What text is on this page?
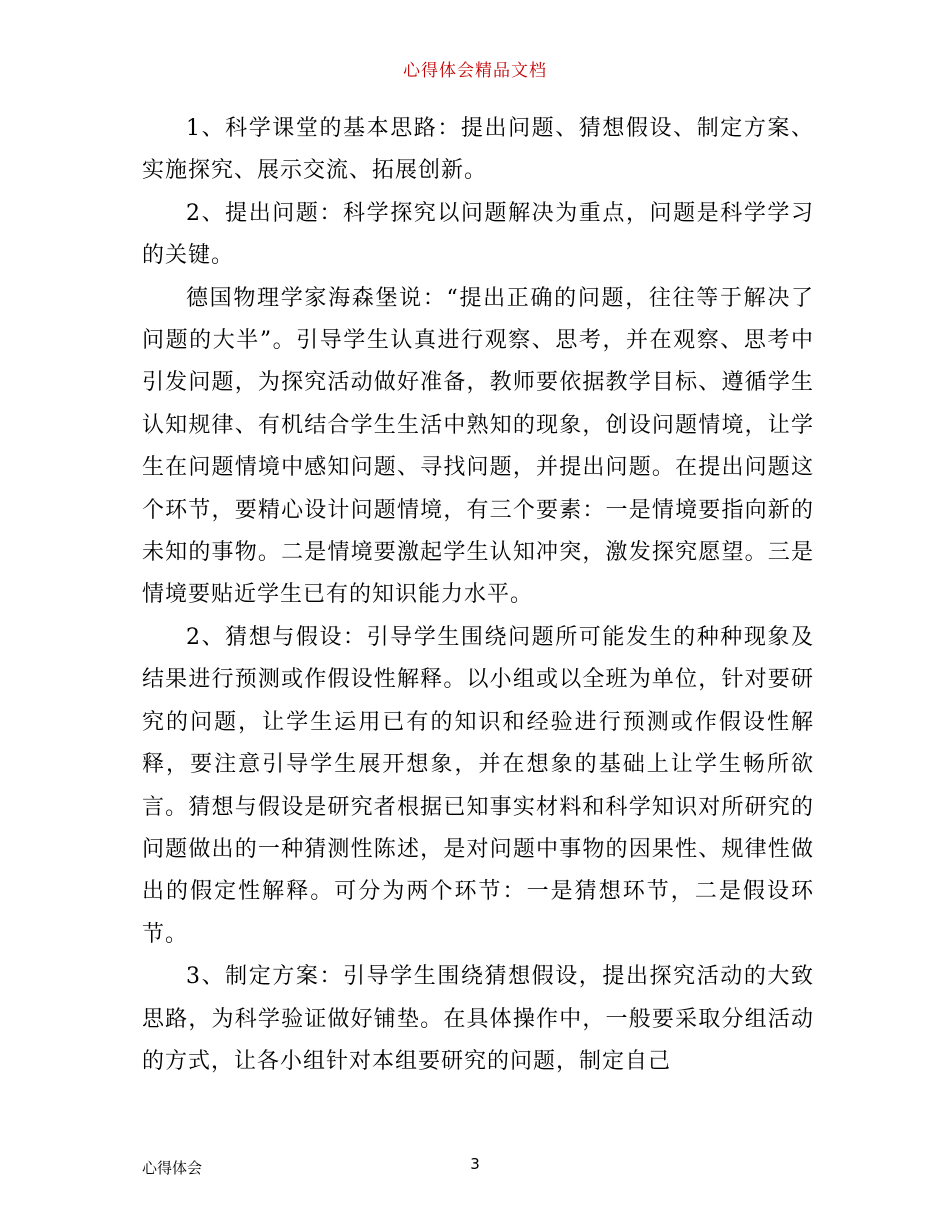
心得体会精品文档

1、科学课堂的基本思路：提出问题、猜想假设、制定方案、实施探究、展示交流、拓展创新。

2、提出问题：科学探究以问题解决为重点，问题是科学学习的关键。

德国物理学家海森堡说：“提出正确的问题，往往等于解决了问题的大半”。引导学生认真进行观察、思考，并在观察、思考中引发问题，为探究活动做好准备，教师要依据教学目标、遵循学生认知规律、有机结合学生生活中熟知的现象，创设问题情境，让学生在问题情境中感知问题、寻找问题，并提出问题。在提出问题这个环节，要精心设计问题情境，有三个要素：一是情境要指向新的未知的事物。二是情境要激起学生认知冲突，激发探究愿望。三是情境要贴近学生已有的知识能力水平。

2、猜想与假设：引导学生围绕问题所可能发生的种种现象及结果进行预测或作假设性解释。以小组或以全班为单位，针对要研究的问题，让学生运用已有的知识和经验进行预测或作假设性解释，要注意引导学生展开想象，并在想象的基础上让学生畅所欲言。猜想与假设是研究者根据已知事实材料和科学知识对所研究的问题做出的一种猜测性陈述，是对问题中事物的因果性、规律性做出的假定性解释。可分为两个环节：一是猜想环节，二是假设环节。

3、制定方案：引导学生围绕猜想假设，提出探究活动的大致思路，为科学验证做好铺垫。在具体操作中，一般要采取分组活动的方式，让各小组针对本组要研究的问题，制定自己

心得体会	3
